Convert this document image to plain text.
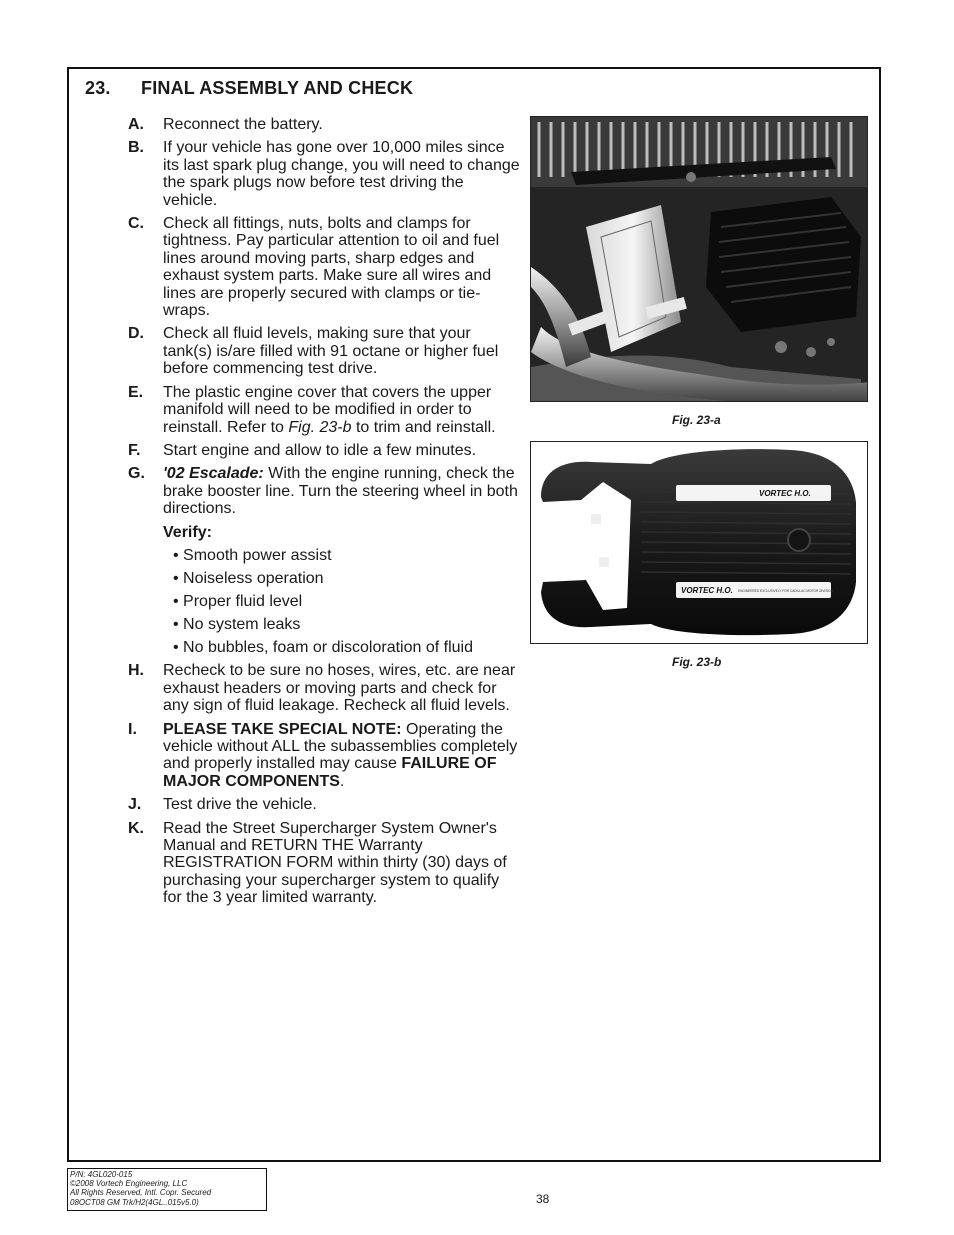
23. FINAL ASSEMBLY AND CHECK
A.	Reconnect the battery.
B.	If your vehicle has gone over 10,000 miles since its last spark plug change, you will need to change the spark plugs now before test driving the vehicle.
C.	Check all fittings, nuts, bolts and clamps for tightness. Pay particular attention to oil and fuel lines around moving parts, sharp edges and exhaust system parts. Make sure all wires and lines are properly secured with clamps or tie-wraps.
D.	Check all fluid levels, making sure that your tank(s) is/are filled with 91 octane or higher fuel before commencing test drive.
E.	The plastic engine cover that covers the upper manifold will need to be modified in order to reinstall. Refer to Fig. 23-b to trim and reinstall.
F.	Start engine and allow to idle a few minutes.
G.	'02 Escalade: With the engine running, check the brake booster line. Turn the steering wheel in both directions.
Verify:
• Smooth power assist
• Noiseless operation
• Proper fluid level
• No system leaks
• No bubbles, foam or discoloration of fluid
H.	Recheck to be sure no hoses, wires, etc. are near exhaust headers or moving parts and check for any sign of fluid leakage. Recheck all fluid levels.
I.	PLEASE TAKE SPECIAL NOTE: Operating the vehicle without ALL the subassemblies completely and properly installed may cause FAILURE OF MAJOR COMPONENTS.
J.	Test drive the vehicle.
K.	Read the Street Supercharger System Owner's Manual and RETURN THE Warranty REGISTRATION FORM within thirty (30) days of purchasing your supercharger system to qualify for the 3 year limited warranty.
Fig. 23-a
VORTEC H.O.
VORTEC H.O. ENGINEERED EXCLUSIVELY FOR CADILLAC MOTOR DIVISION
Fig. 23-b
P/N: 4GL020-015
©2008 Vortech Engineering, LLC
All Rights Reserved, Intl. Copr. Secured
08OCT08 GM Trk/H2(4GL..015v5.0)	38
